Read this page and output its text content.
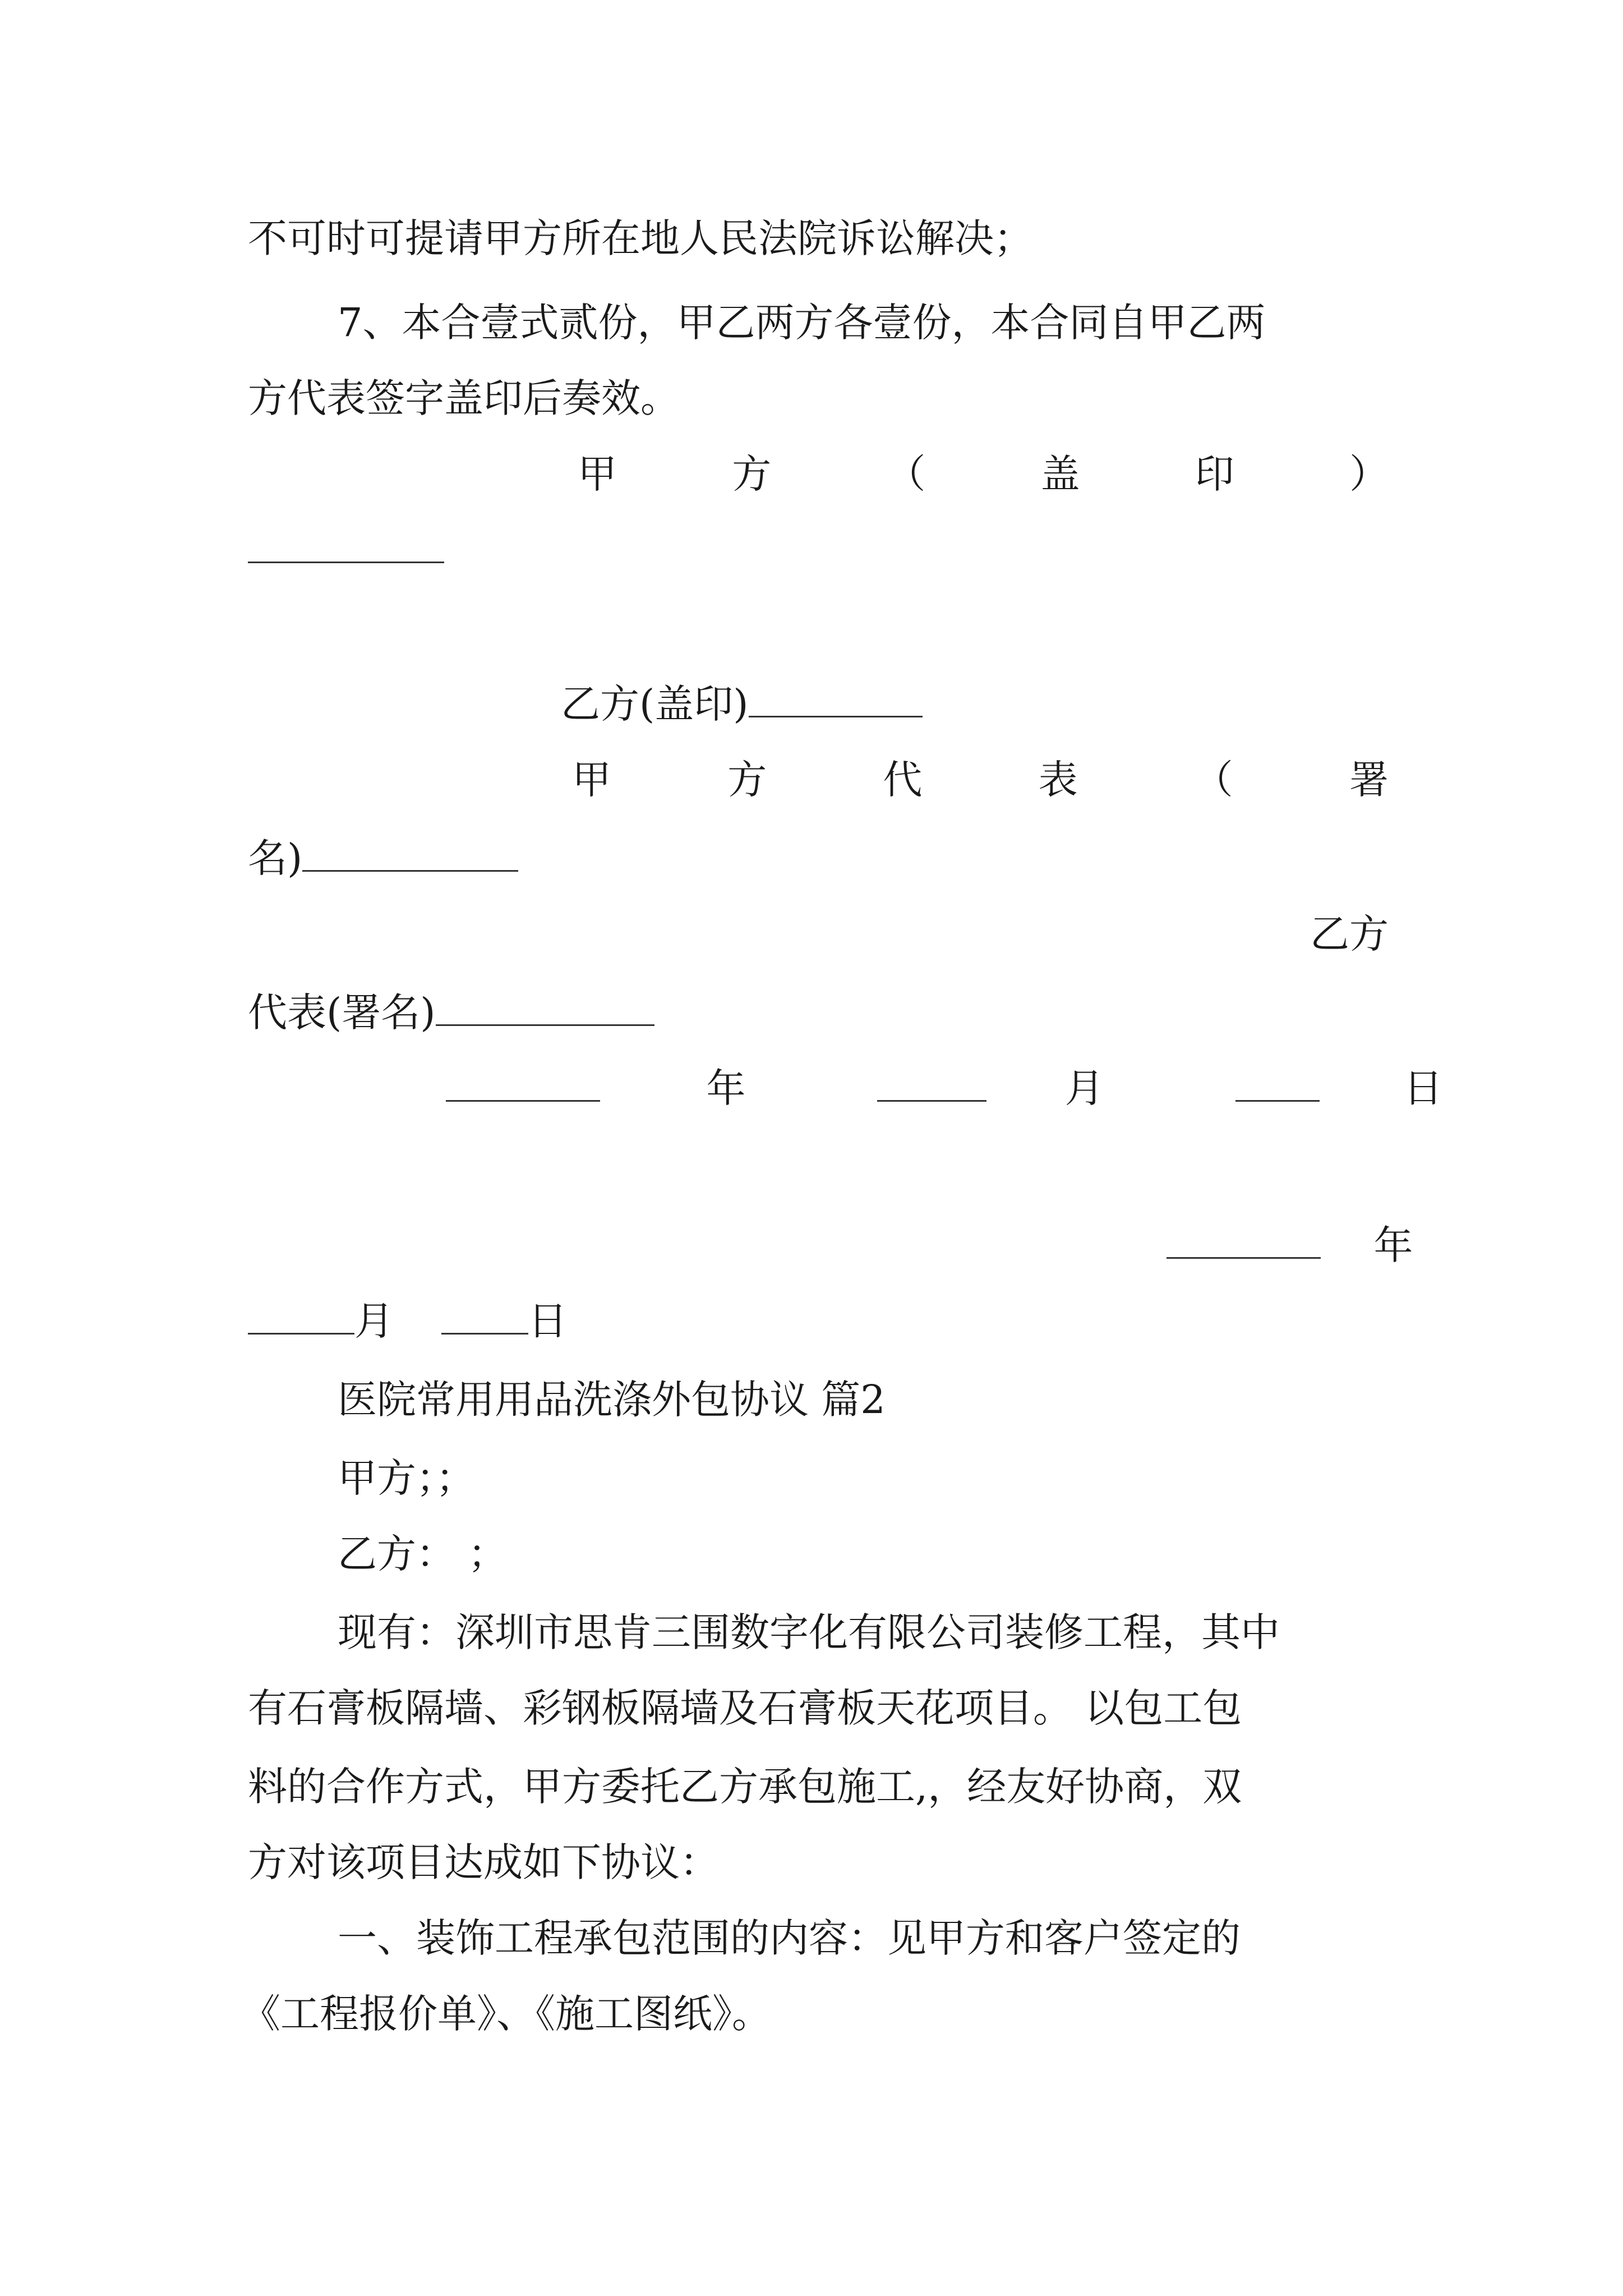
不可时可提请甲方所在地人民法院诉讼解决；
7、本合壹式贰份，甲乙两方各壹份，本合同自甲乙两
方代表签字盖印后奏效。
甲	方	（	盖	印	）
乙方(盖印)
甲	方	代	表	（	署
名)
乙方
代表(署名)
年	月	日
年
月	日
医院常用用品洗涤外包协议 篇2
甲方；；
乙方： ；
现有：深圳市思肯三围数字化有限公司装修工程，其中
有石膏板隔墙、彩钢板隔墙及石膏板天花项目。 以包工包
料的合作方式，甲方委托乙方承包施工,，经友好协商，双
方对该项目达成如下协议：
一、装饰工程承包范围的内容：见甲方和客户签定的
《工程报价单》、《施工图纸》。
